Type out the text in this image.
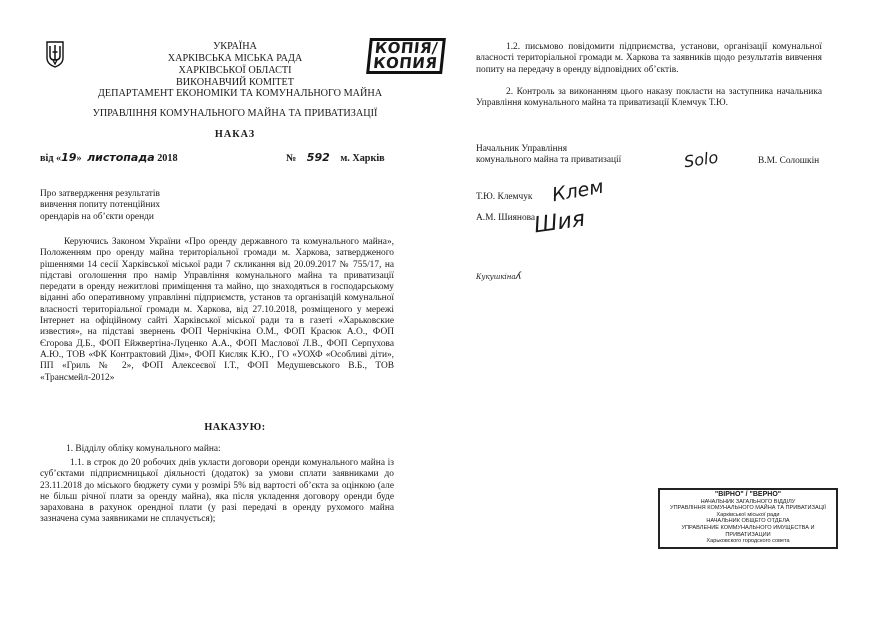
УКРАЇНА
ХАРКІВСЬКА МІСЬКА РАДА
ХАРКІВСЬКОЇ ОБЛАСТІ
ВИКОНАВЧИЙ КОМІТЕТ
ДЕПАРТАМЕНТ ЕКОНОМІКИ ТА КОМУНАЛЬНОГО МАЙНА
УПРАВЛІННЯ КОМУНАЛЬНОГО МАЙНА ТА ПРИВАТИЗАЦІЇ
НАКАЗ
КОПІЯ/
КОПИЯ
від «19» листопада 2018	№ 592 м. Харків
Про затвердження результатів
вивчення попиту потенційних
орендарів на об’єкти оренди
Керуючись Законом України «Про оренду державного та комунального майна», Положенням про оренду майна територіальної громади м. Харкова, затвердженого рішеннями 14 сесії Харківської міської ради 7 скликання від 20.09.2017 № 755/17, на підставі оголошення про намір Управління комунального майна та приватизації передати в оренду нежитлові приміщення та майно, що знаходяться в господарському віданні або оперативному управлінні підприємств, установ та організацій комунальної власності територіальної громади м. Харкова, від 27.10.2018, розміщеного у мережі Інтернет на офіційному сайті Харківської міської ради та в газеті «Харьковские известия», на підставі звернень ФОП Чернічкіна О.М., ФОП Красюк А.О., ФОП Єгорова Д.Б., ФОП Ейжвертіна-Луценко А.А., ФОП Маслової Л.В., ФОП Серпухова А.Ю., ТОВ «ФК Контрактовий Дім», ФОП Кисляк К.Ю., ГО «УОХФ «Особливі діти», ПП «Гриль № 2», ФОП Алексеєвої І.Т., ФОП Медушевського В.Б., ТОВ «Трансмейл-2012»
НАКАЗУЮ:
1. Відділу обліку комунального майна:
1.1. в строк до 20 робочих днів укласти договори оренди комунального майна із суб’єктами підприємницької діяльності (додаток) за умови сплати заявниками до 23.11.2018 до міського бюджету суми у розмірі 5% від вартості об’єкта за оцінкою (але не більш річної плати за оренду майна), яка після укладення договору оренди буде зарахована в рахунок орендної плати (у разі передачі в оренду рухомого майна зазначена сума заявниками не сплачується);
1.2. письмово повідомити підприємства, установи, організації комунальної власності територіальної громади м. Харкова та заявників щодо результатів вивчення попиту на передачу в оренду відповідних об’єктів.
2. Контроль за виконанням цього наказу покласти на заступника начальника Управління комунального майна та приватизації Клемчук Т.Ю.
Начальник Управління
комунального майна та приватизації	Solo	В.М. Солошкін
Т.Ю. Клемчук Клем
А.М. Шиянова
Шия
Кукушкінаʎ
"ВІРНО" / "ВЕРНО"
НАЧАЛЬНИК ЗАГАЛЬНОГО ВІДДІЛУ
УПРАВЛІННЯ КОМУНАЛЬНОГО МАЙНА ТА ПРИВАТИЗАЦІЇ
Харківської міської ради
НАЧАЛЬНИК ОБЩЕГО ОТДЕЛА
УПРАВЛЕНИЕ КОММУНАЛЬНОГО ИМУЩЕСТВА И ПРИВАТИЗАЦИИ
Харьковского городского совета
